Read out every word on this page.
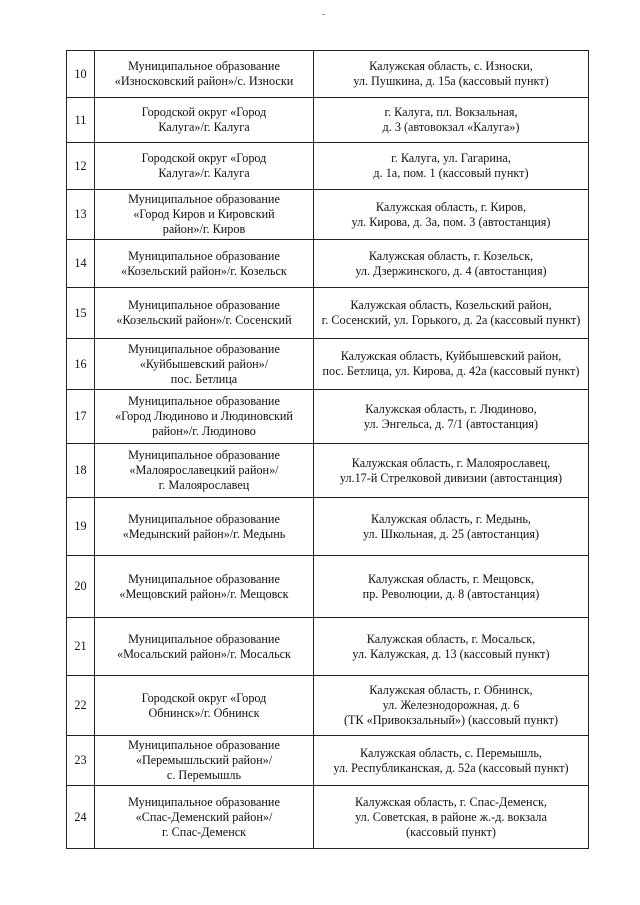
10	Муниципальное образование
«Износковский район»/с. Износки	Калужская область, с. Износки,
ул. Пушкина, д. 15а (кассовый пункт)

11	Городской округ «Город
Калуга»/г. Калуга	г. Калуга, пл. Вокзальная,
д. 3 (автовокзал «Калуга»)

12	Городской округ «Город
Калуга»/г. Калуга	г. Калуга, ул. Гагарина,
д. 1а, пом. 1 (кассовый пункт)

13	Муниципальное образование
«Город Киров и Кировский
район»/г. Киров	Калужская область, г. Киров,
ул. Кирова, д. 3а, пом. 3 (автостанция)

14	Муниципальное образование
«Козельский район»/г. Козельск	Калужская область, г. Козельск,
ул. Дзержинского, д. 4 (автостанция)

15	Муниципальное образование
«Козельский район»/г. Сосенский	Калужская область, Козельский район,
г. Сосенский, ул. Горького, д. 2а (кассовый пункт)

16	Муниципальное образование
«Куйбышевский район»/
пос. Бетлица	Калужская область, Куйбышевский район,
пос. Бетлица, ул. Кирова, д. 42а (кассовый пункт)

17	Муниципальное образование
«Город Людиново и Людиновский
район»/г. Людиново	Калужская область, г. Людиново,
ул. Энгельса, д. 7/1 (автостанция)

18	Муниципальное образование
«Малоярославецкий район»/
г. Малоярославец	Калужская область, г. Малоярославец,
ул.17-й Стрелковой дивизии (автостанция)

19	Муниципальное образование
«Медынский район»/г. Медынь	Калужская область, г. Медынь,
ул. Школьная, д. 25 (автостанция)

20	Муниципальное образование
«Мещовский район»/г. Мещовск	Калужская область, г. Мещовск,
пр. Революции, д. 8 (автостанция)

21	Муниципальное образование
«Мосальский район»/г. Мосальск	Калужская область, г. Мосальск,
ул. Калужская, д. 13 (кассовый пункт)

22	Городской округ «Город
Обнинск»/г. Обнинск	Калужская область, г. Обнинск,
ул. Железнодорожная, д. 6
(ТК «Привокзальный») (кассовый пункт)

23	Муниципальное образование
«Перемышльский район»/
с. Перемышль	Калужская область, с. Перемышль,
ул. Республиканская, д. 52а (кассовый пункт)

24	Муниципальное образование
«Спас-Деменский район»/
г. Спас-Деменск	Калужская область, г. Спас-Деменск,
ул. Советская, в районе ж.-д. вокзала
(кассовый пункт)
